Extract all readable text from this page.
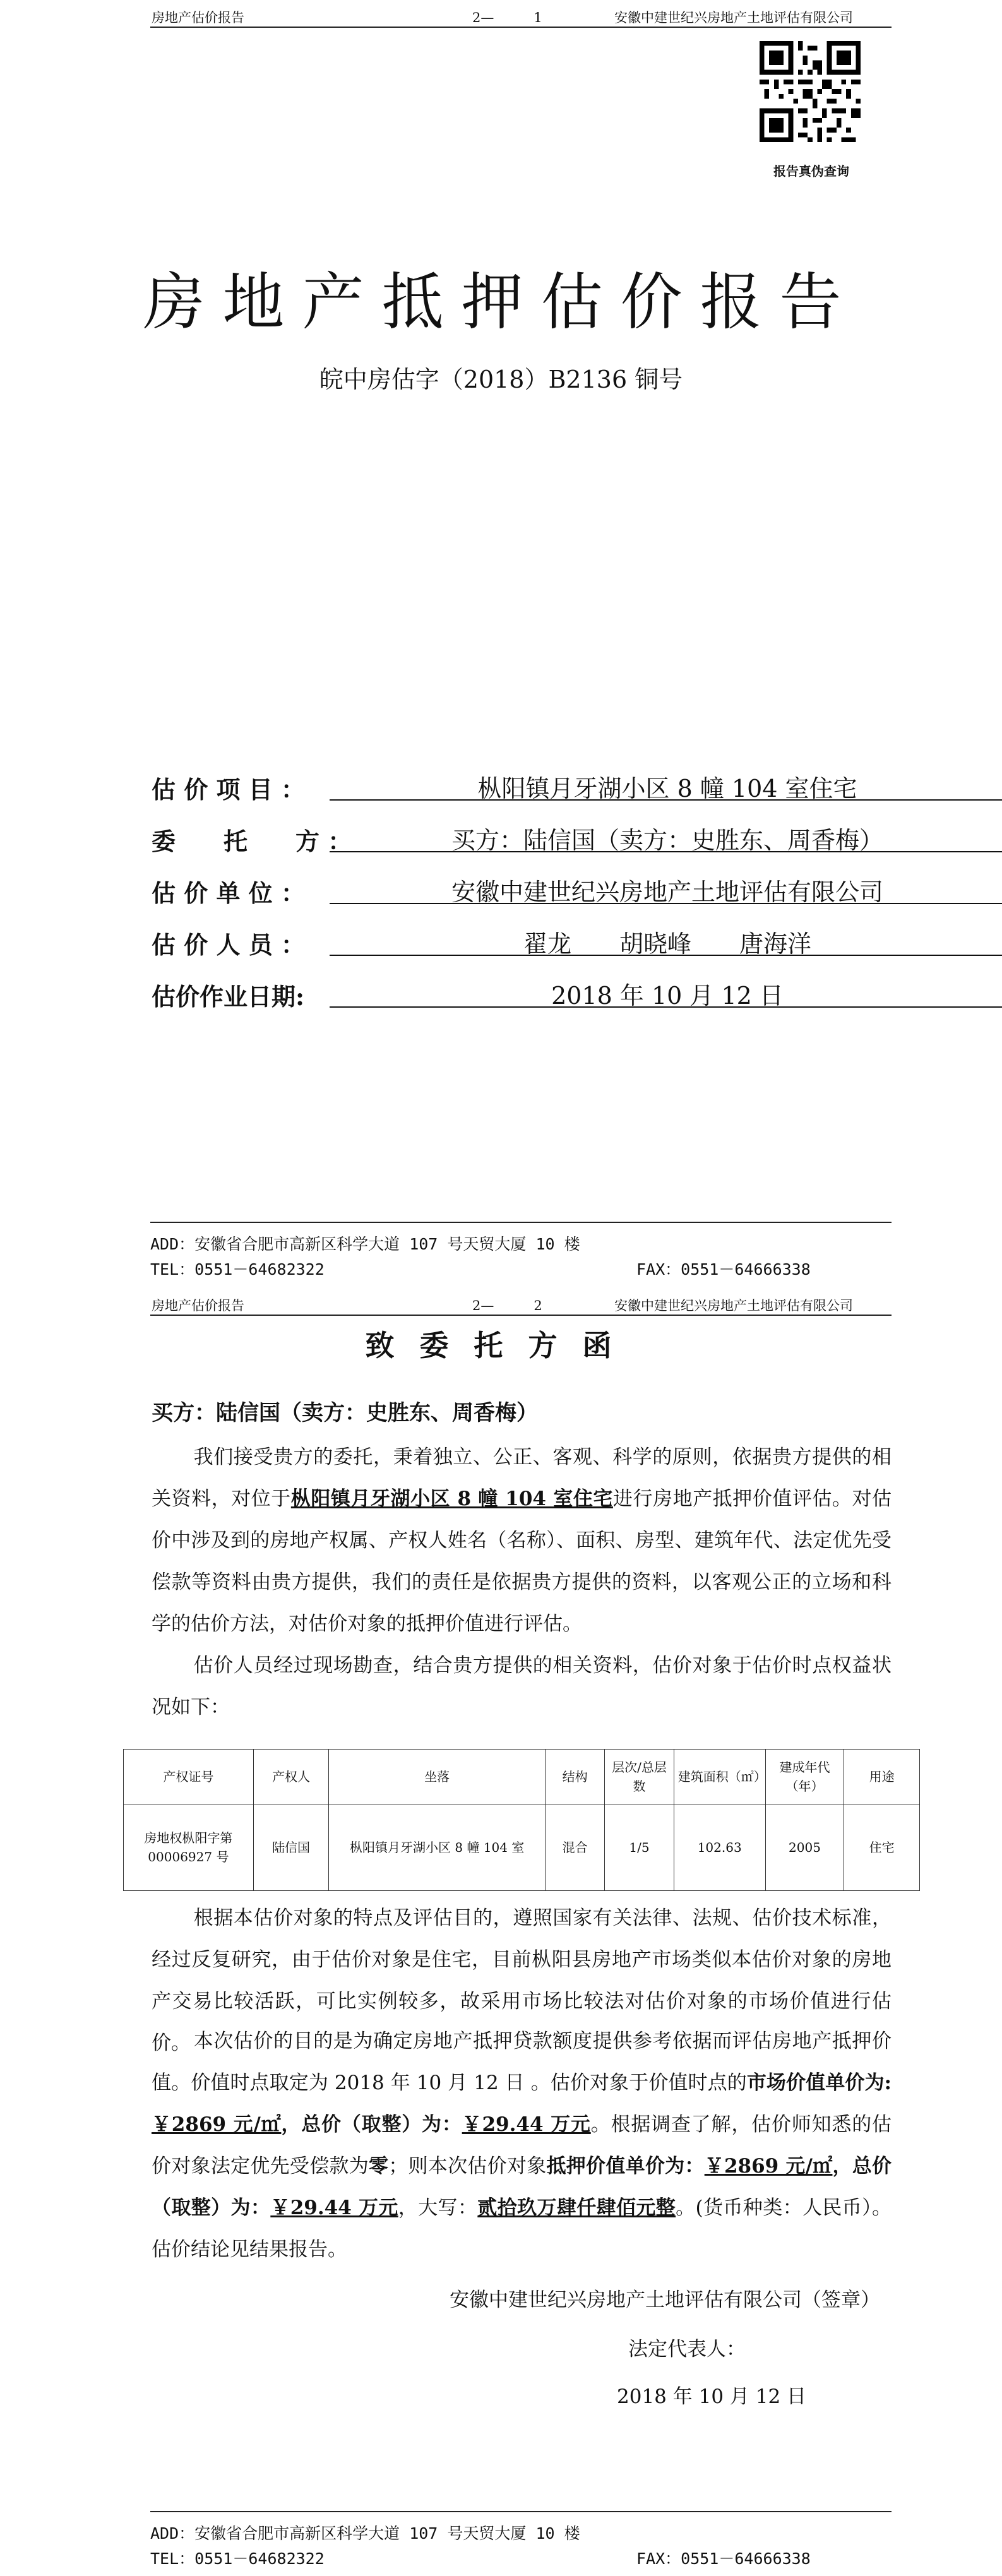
房地产估价报告	2—　　　1	安徽中建世纪兴房地产土地评估有限公司
报告真伪查询
房地产抵押估价报告
皖中房估字（2018）B2136 铜号
估 价 项 目 ：	枞阳镇月牙湖小区 8 幢 104 室住宅
委　　托　　方 ：	买方：陆信国（卖方：史胜东、周香梅）
估 价 单 位 ：	安徽中建世纪兴房地产土地评估有限公司
估 价 人 员 ：	翟龙　　胡晓峰　　唐海洋
估价作业日期:	2018 年 10 月 12 日
ADD：安徽省合肥市高新区科学大道 107 号天贸大厦 10 楼
TEL：0551－64682322	FAX：0551－64666338
房地产估价报告	2—　　　2	安徽中建世纪兴房地产土地评估有限公司
致委托方函
买方：陆信国（卖方：史胜东、周香梅）
我们接受贵方的委托，秉着独立、公正、客观、科学的原则，依据贵方提供的相关资料，对位于枞阳镇月牙湖小区 8 幢 104 室住宅进行房地产抵押价值评估。对估价中涉及到的房地产权属、产权人姓名（名称）、面积、房型、建筑年代、法定优先受偿款等资料由贵方提供，我们的责任是依据贵方提供的资料，以客观公正的立场和科学的估价方法，对估价对象的抵押价值进行评估。
估价人员经过现场勘查，结合贵方提供的相关资料，估价对象于估价时点权益状况如下：
产权证号	产权人	坐落	结构	层次/总层数	建筑面积（㎡）	建成年代（年）	用途
房地权枞阳字第 00006927 号	陆信国	枞阳镇月牙湖小区 8 幢 104 室	混合	1/5	102.63	2005	住宅
根据本估价对象的特点及评估目的，遵照国家有关法律、法规、估价技术标准，经过反复研究，由于估价对象是住宅，目前枞阳县房地产市场类似本估价对象的房地产交易比较活跃，可比实例较多，故采用市场比较法对估价对象的市场价值进行估价。 本次估价的目的是为确定房地产抵押贷款额度提供参考依据而评估房地产抵押价值。价值时点取定为 2018 年 10 月 12 日 。估价对象于价值时点的市场价值单价为:￥2869 元/㎡，总价（取整）为：￥29.44 万元。根据调查了解，估价师知悉的估价对象法定优先受偿款为零；则本次估价对象抵押价值单价为：￥2869 元/㎡，总价（取整）为：￥29.44 万元，大写：贰拾玖万肆仟肆佰元整。(货币种类：人民币）。估价结论见结果报告。
安徽中建世纪兴房地产土地评估有限公司（签章）
法定代表人：
2018 年 10 月 12 日
ADD：安徽省合肥市高新区科学大道 107 号天贸大厦 10 楼
TEL：0551－64682322	FAX：0551－64666338
